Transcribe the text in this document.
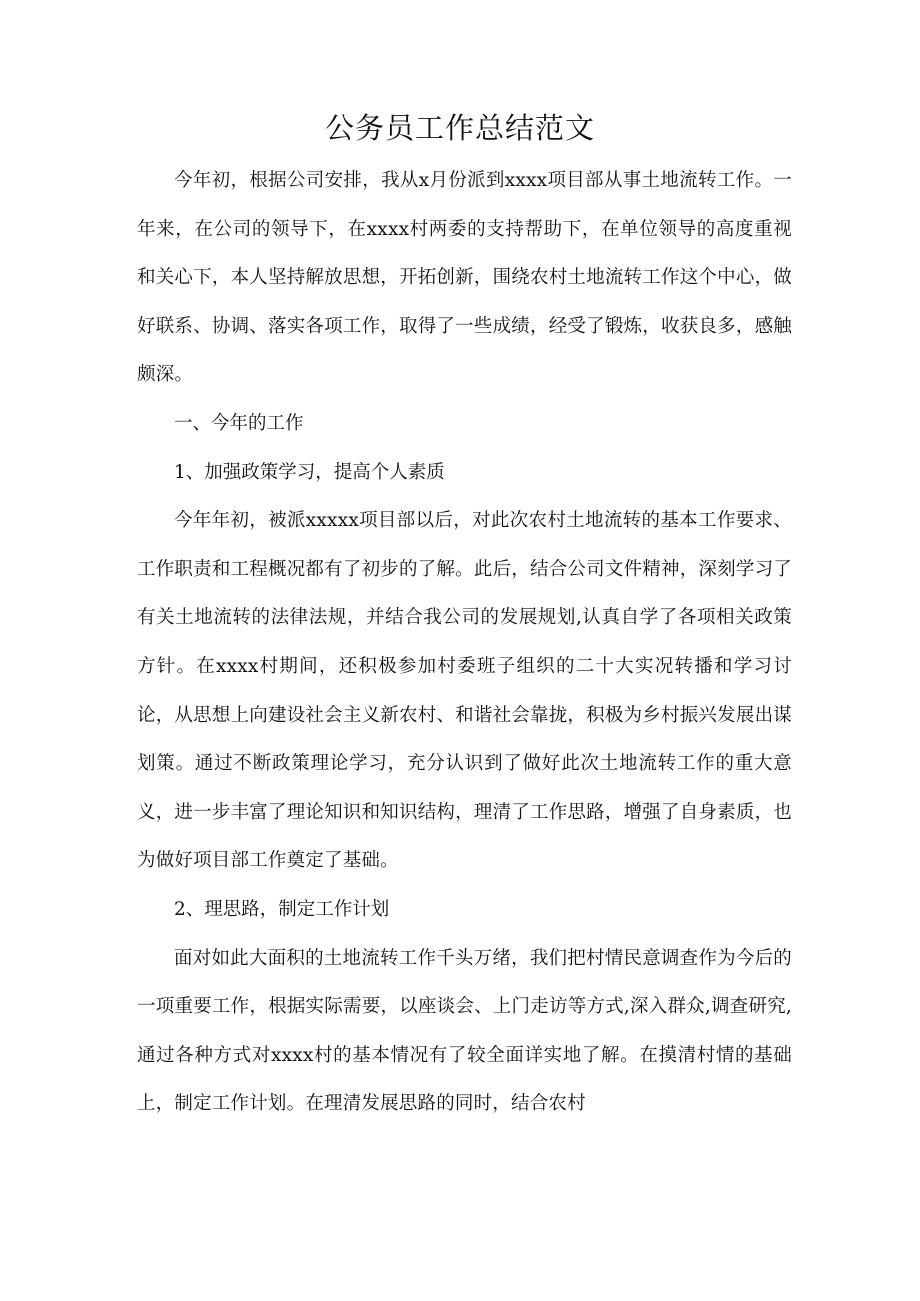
公务员工作总结范文

今年初，根据公司安排，我从x月份派到xxxx项目部从事土地流转工作。一年来，在公司的领导下，在xxxx村两委的支持帮助下，在单位领导的高度重视和关心下，本人坚持解放思想，开拓创新，围绕农村土地流转工作这个中心，做好联系、协调、落实各项工作，取得了一些成绩，经受了锻炼，收获良多，感触颇深。

一、今年的工作

1、加强政策学习，提高个人素质

今年年初，被派xxxxx项目部以后，对此次农村土地流转的基本工作要求、工作职责和工程概况都有了初步的了解。此后，结合公司文件精神，深刻学习了有关土地流转的法律法规，并结合我公司的发展规划,认真自学了各项相关政策方针。在xxxx村期间，还积极参加村委班子组织的二十大实况转播和学习讨论，从思想上向建设社会主义新农村、和谐社会靠拢，积极为乡村振兴发展出谋划策。通过不断政策理论学习，充分认识到了做好此次土地流转工作的重大意义，进一步丰富了理论知识和知识结构，理清了工作思路，增强了自身素质，也为做好项目部工作奠定了基础。

2、理思路，制定工作计划

面对如此大面积的土地流转工作千头万绪，我们把村情民意调查作为今后的一项重要工作，根据实际需要，以座谈会、上门走访等方式,深入群众,调查研究,通过各种方式对xxxx村的基本情况有了较全面详实地了解。在摸清村情的基础上，制定工作计划。在理清发展思路的同时，结合农村
